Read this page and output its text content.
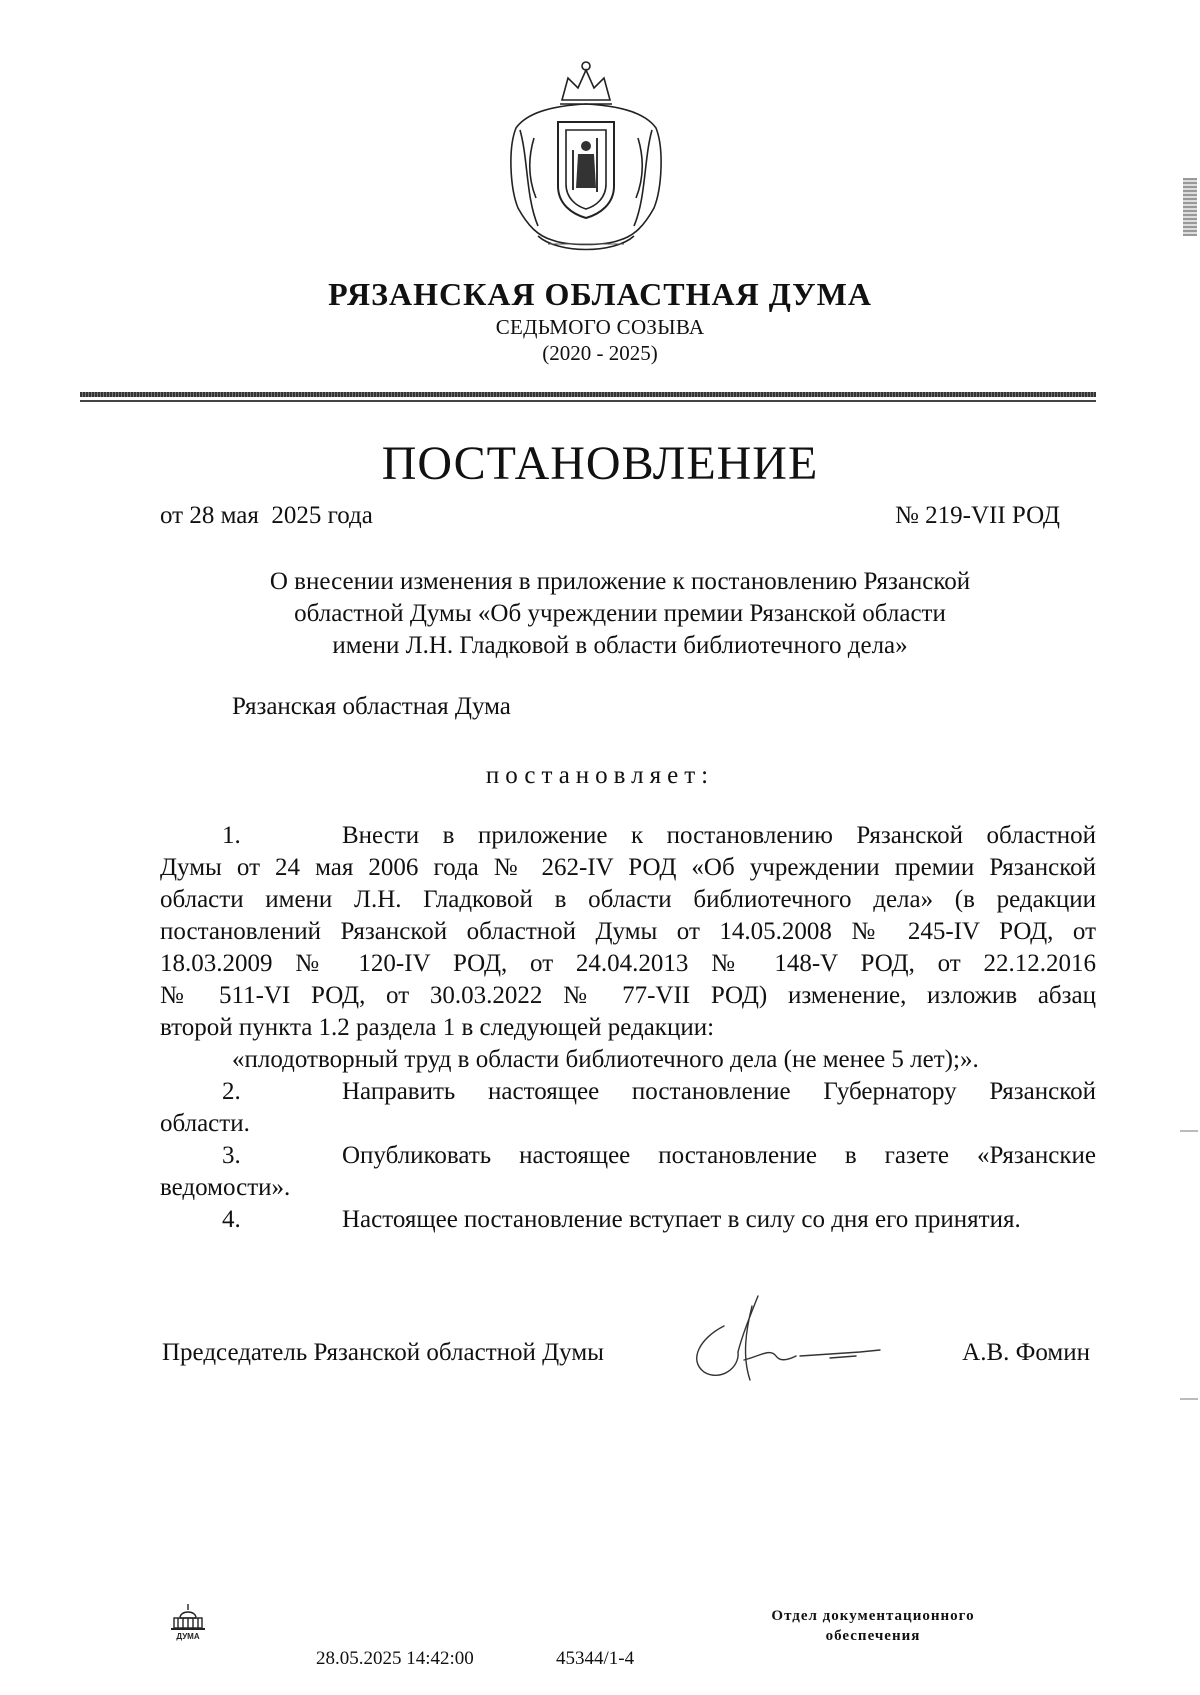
РЯЗАНСКАЯ ОБЛАСТНАЯ ДУМА
СЕДЬМОГО СОЗЫВА
(2020 - 2025)
ПОСТАНОВЛЕНИЕ
от 28 мая  2025 года	№ 219-VII РОД
О внесении изменения в приложение к постановлению Рязанской
областной Думы «Об учреждении премии Рязанской области
имени Л.Н. Гладковой в области библиотечного дела»
Рязанская областная Дума
постановляет:
1.	Внести в приложение к постановлению Рязанской областной
Думы от 24 мая 2006 года № 262-IV РОД «Об учреждении премии Рязанской
области имени Л.Н. Гладковой в области библиотечного дела» (в редакции
постановлений Рязанской областной Думы от 14.05.2008 № 245-IV РОД, от
18.03.2009 № 120-IV РОД, от 24.04.2013 № 148-V РОД, от 22.12.2016
№ 511-VI РОД, от 30.03.2022 № 77-VII РОД) изменение, изложив абзац
второй пункта 1.2 раздела 1 в следующей редакции:
«плодотворный труд в области библиотечного дела (не менее 5 лет);».
2.	Направить настоящее постановление Губернатору Рязанской
области.
3.	Опубликовать настоящее постановление в газете «Рязанские
ведомости».
4.	Настоящее постановление вступает в силу со дня его принятия.
Председатель Рязанской областной Думы	А.В. Фомин
ДУМА
28.05.2025 14:42:00	45344/1-4
Отдел документационного
обеспечения
